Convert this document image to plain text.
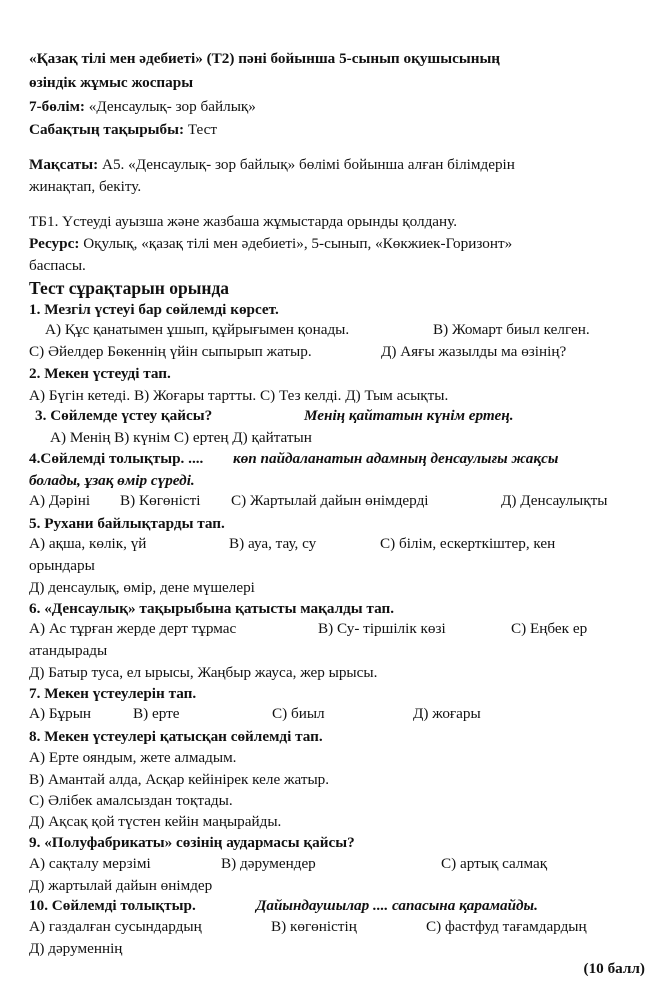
«Қазақ тілі мен әдебиеті» (Т2) пәні бойынша 5-сынып оқушысының
өзіндік жұмыс жоспары
7-бөлім: «Денсаулық- зор байлық»
Сабақтың тақырыбы: Тест
Мақсаты: А5. «Денсаулық- зор байлық» бөлімі бойынша алған білімдерін
жинақтап, бекіту.
ТБ1. Үстеуді ауызша және жазбаша жұмыстарда орынды қолдану.
Ресурс: Оқулық, «қазақ тілі мен әдебиеті», 5-сынып, «Көкжиек-Горизонт»
баспасы.
Тест сұрақтарын орында
1. Мезгіл үстеуі бар сөйлемді көрсет.
А) Құс қанатымен ұшып, құйрығымен қонады.	В) Жомарт биыл келген.
С) Әйелдер Бөкеннің үйін сыпырып жатыр.	Д) Аяғы жазылды ма өзінің?
2. Мекен үстеуді тап.
А) Бүгін кетеді. В) Жоғары тартты. С) Тез келді. Д) Тым асықты.
3. Сөйлемде үстеу қайсы?	Менің қайтатын күнім ертең.
А) Менің В) күнім С) ертең Д) қайтатын
4.Сөйлемді толықтыр. .... көп пайдаланатын адамның денсаулығы жақсы
болады, ұзақ өмір сүреді.
А) Дәріні В) Көгөністі С) Жартылай дайын өнімдерді	Д) Денсаулықты
5. Рухани байлықтарды тап.
А) ақша, көлік, үй	В) ауа, тау, су	С) білім, ескерткіштер, кен
орындары
Д) денсаулық, өмір, дене мүшелері
6. «Денсаулық» тақырыбына қатысты мақалды тап.
А) Ас тұрған жерде дерт тұрмас	В) Су- тіршілік көзі	С) Еңбек ер
атандырады
Д) Батыр туса, ел ырысы, Жаңбыр жауса, жер ырысы.
7. Мекен үстеулерін тап.
А) Бұрын	В) ерте	С) биыл	Д) жоғары
8. Мекен үстеулері қатысқан сөйлемді тап.
А) Ерте ояндым, жете алмадым.
В) Амантай алда, Асқар кейінірек келе жатыр.
С) Әлібек амалсыздан тоқтады.
Д) Ақсақ қой түстен кейін маңырайды.
9. «Полуфабрикаты» сөзінің аудармасы қайсы?
А) сақталу мерзімі	В) дәрумендер	С) артық салмақ
Д) жартылай дайын өнімдер
10. Сөйлемді толықтыр.	Дайындаушылар .... сапасына қарамайды.
А) газдалған сусындардың	В) көгөністің	С) фастфуд тағамдардың
Д) дәруменнің
(10 балл)
